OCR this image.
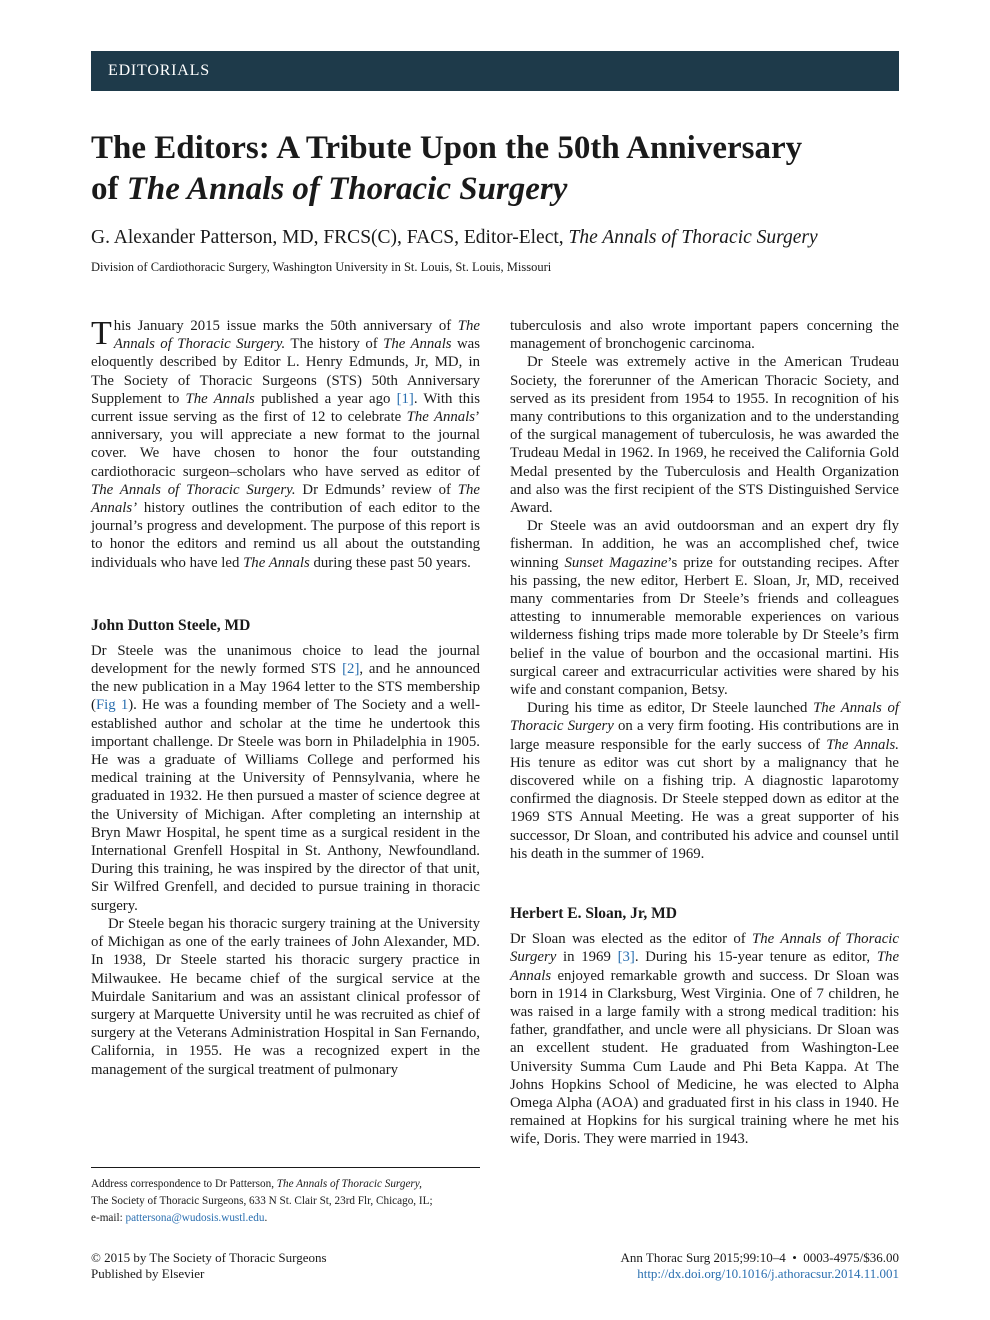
EDITORIALS
The Editors: A Tribute Upon the 50th Anniversary
of The Annals of Thoracic Surgery
G. Alexander Patterson, MD, FRCS(C), FACS, Editor-Elect, The Annals of Thoracic Surgery
Division of Cardiothoracic Surgery, Washington University in St. Louis, St. Louis, Missouri

This January 2015 issue marks the 50th anniversary of The Annals of Thoracic Surgery. The history of The Annals was eloquently described by Editor L. Henry Edmunds, Jr, MD, in The Society of Thoracic Surgeons (STS) 50th Anniversary Supplement to The Annals published a year ago [1]. With this current issue serving as the first of 12 to celebrate The Annals’ anniversary, you will appreciate a new format to the journal cover. We have chosen to honor the four outstanding cardiothoracic surgeon–scholars who have served as editor of The Annals of Thoracic Surgery. Dr Edmunds’ review of The Annals’ history outlines the contribution of each editor to the journal’s progress and development. The purpose of this report is to honor the editors and remind us all about the outstanding individuals who have led The Annals during these past 50 years.

John Dutton Steele, MD

Dr Steele was the unanimous choice to lead the journal development for the newly formed STS [2], and he announced the new publication in a May 1964 letter to the STS membership (Fig 1). He was a founding member of The Society and a well-established author and scholar at the time he undertook this important challenge. Dr Steele was born in Philadelphia in 1905. He was a graduate of Williams College and performed his medical training at the University of Pennsylvania, where he graduated in 1932. He then pursued a master of science degree at the University of Michigan. After completing an internship at Bryn Mawr Hospital, he spent time as a surgical resident in the International Grenfell Hospital in St. Anthony, Newfoundland. During this training, he was inspired by the director of that unit, Sir Wilfred Grenfell, and decided to pursue training in thoracic surgery.

Dr Steele began his thoracic surgery training at the University of Michigan as one of the early trainees of John Alexander, MD. In 1938, Dr Steele started his thoracic surgery practice in Milwaukee. He became chief of the surgical service at the Muirdale Sanitarium and was an assistant clinical professor of surgery at Marquette University until he was recruited as chief of surgery at the Veterans Administration Hospital in San Fernando, California, in 1955. He was a recognized expert in the management of the surgical treatment of pulmonary

tuberculosis and also wrote important papers concerning the management of bronchogenic carcinoma.

Dr Steele was extremely active in the American Trudeau Society, the forerunner of the American Thoracic Society, and served as its president from 1954 to 1955. In recognition of his many contributions to this organization and to the understanding of the surgical management of tuberculosis, he was awarded the Trudeau Medal in 1962. In 1969, he received the California Gold Medal presented by the Tuberculosis and Health Organization and also was the first recipient of the STS Distinguished Service Award.

Dr Steele was an avid outdoorsman and an expert dry fly fisherman. In addition, he was an accomplished chef, twice winning Sunset Magazine’s prize for outstanding recipes. After his passing, the new editor, Herbert E. Sloan, Jr, MD, received many commentaries from Dr Steele’s friends and colleagues attesting to innumerable memorable experiences on various wilderness fishing trips made more tolerable by Dr Steele’s firm belief in the value of bourbon and the occasional martini. His surgical career and extracurricular activities were shared by his wife and constant companion, Betsy.

During his time as editor, Dr Steele launched The Annals of Thoracic Surgery on a very firm footing. His contributions are in large measure responsible for the early success of The Annals. His tenure as editor was cut short by a malignancy that he discovered while on a fishing trip. A diagnostic laparotomy confirmed the diagnosis. Dr Steele stepped down as editor at the 1969 STS Annual Meeting. He was a great supporter of his successor, Dr Sloan, and contributed his advice and counsel until his death in the summer of 1969.

Herbert E. Sloan, Jr, MD

Dr Sloan was elected as the editor of The Annals of Thoracic Surgery in 1969 [3]. During his 15-year tenure as editor, The Annals enjoyed remarkable growth and success. Dr Sloan was born in 1914 in Clarksburg, West Virginia. One of 7 children, he was raised in a large family with a strong medical tradition: his father, grandfather, and uncle were all physicians. Dr Sloan was an excellent student. He graduated from Washington-Lee University Summa Cum Laude and Phi Beta Kappa. At The Johns Hopkins School of Medicine, he was elected to Alpha Omega Alpha (AOA) and graduated first in his class in 1940. He remained at Hopkins for his surgical training where he met his wife, Doris. They were married in 1943.

Address correspondence to Dr Patterson, The Annals of Thoracic Surgery,
The Society of Thoracic Surgeons, 633 N St. Clair St, 23rd Flr, Chicago, IL;
e-mail: pattersona@wudosis.wustl.edu.
© 2015 by The Society of Thoracic Surgeons
Published by Elsevier
Ann Thorac Surg 2015;99:10–4  •  0003-4975/$36.00
http://dx.doi.org/10.1016/j.athoracsur.2014.11.001
